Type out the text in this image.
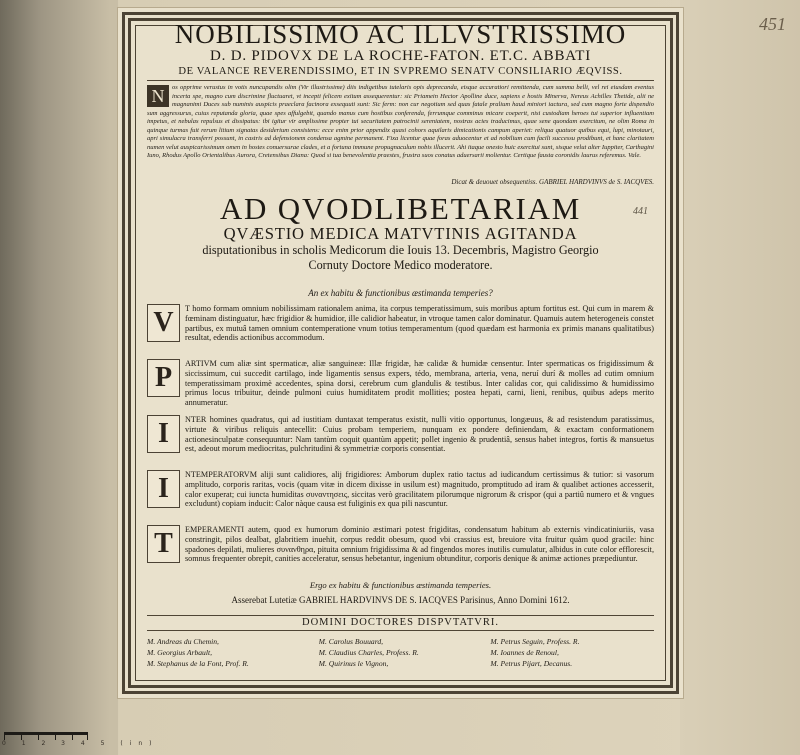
451

NOBILISSIMO AC ILLVSTRISSIMO

D. D. PIDOVX DE LA ROCHE-FATON. ET.C. ABBATI

DE VALANCE REVERENDISSIMO, ET IN SVPREMO SENATV CONSILIARIO ÆQVISS.

N	os opprime verustus in votis nuncupandis olim (Vir illustrissime) diis indigetibus tutelaris opis deprecanda, eisque accuratiori remittenda, cum summa belli, vel rei eiusdam eventus incerta spe, magno cum discrimine fluctuaret, vt incepti felicem exitum assequerentur: sic Priamein Hector Apolline duce, sapiens e hostis Minerva, Nereus Achilles Thetide, alii ne magnanimi Duces sub numinis auspicis praeclara facinora exsequuti sunt: Sic ferm: non cur negotium sed quas fatale pralium haud miniori iactura, sed cum magno forte dispendio sum aggressurus, cuius reputanda gloria, quae spes affulgebit, quando manus cum hostibus conferenda, ferrumque comminus micare coeperit, nisi custodiam heroes tui superior influentiam impetus, et nebulas repulsus et dissipatus: ibi igitur vir amplissime propter tui securitatem patrocinii sereniatem, nostras acies traducimus, quae sene quondam exercitum, ne olim Roma in quinque turmas fuit rerum litium signatas desiderium consistens: ecce enim prior appendix quasi cohors aquilaris dimicationis campum aperiet: reliqua quatuor quibus equi, lupi, minotauri, apri simulacra transferri possunt, in castris ad defensionem condensa agmine permanent. Fixa licentur quae foras aduocentur et ad nobilium cum facili successu prodibunt, et hanc claritatem numen velut auspicarissimum omen in hostes conuersurae clades, et a fortuna immune propugnaculum nobis illucerit. Ahi itaque onesto huic exercitui sunt, sisque velut alter Iuppiter, Carthagini Iuno, Rhodus Apollo Orientalibus Aurora, Cretensibus Diana: Quod si tua benevolentia praestes, frustra suos conatus aduersarii molientur. Certique fausta coronidis laurus referemus. Vale.

Dicat & deuouet obsequentiss. GABRIEL HARDVINVS de S. IACQVES.

AD QVODLIBETARIAM

QVÆSTIO MEDICA MATVTINIS AGITANDA

disputationibus in scholis Medicorum die Iouis 13. Decembris, Magistro Georgio

Cornuty Doctore Medico moderatore.

441

An ex habitu & functionibus æstimanda temperies?

V	T homo formam omnium nobilissimam rationalem anima, ita corpus temperatissimum, suis moribus aptum fortitus est. Qui cum in marem & fœminam distinguatur, hæc frigidior & humidior, ille calidior habeatur, in vtroque tamen calor dominatur. Quamuis autem heterogeneis constet partibus, ex mutuâ tamen omnium contemperatione vnum totius temperamentum (quod quædam est harmonia ex primis manans qualitatibus) resultat, edendis actionibus accommodum.
P	ARTIVM cum aliæ sint spermaticæ, aliæ sanguineæ: Illæ frigidæ, hæ calidæ & humidæ censentur. Inter spermaticas os frigidissimum & siccissimum, cui succedit cartilago, inde ligamentis sensus expers, tédo, membrana, arteria, vena, neruí durí & molles ad cutim omnium temperatissimam proximè accedentes, spina dorsi, cerebrum cum glandulis & testibus. Inter calidas cor, qui calidissimo & humidissimo primus locus tribuitur, deinde pulmoni cuius humiditatem prodit mollities; postea hepati, carni, lieni, renibus, quibus adeps merito annumeratur.
I	NTER homines quadratus, qui ad iustitiam duntaxat temperatus existit, nulli vitio opportunus, longæuus, & ad resistendum paratissimus, virtute & viribus reliquis antecellit: Cuius probam temperiem, nunquam ex pondere definiendam, & exactam conformationem actionesinculpatæ consequuntur: Nam tantùm coquit quantùm appetit; pollet ingenio & prudentiâ, sensus habet integros, fortis & mansuetus est, adeout morum mediocritas, pulchritudini & symmetriæ corporis consentiat.
I	NTEMPERATORVM aliji sunt calidiores, alij frigidiores: Amborum duplex ratio tactus ad iudicandum certissimus & tutior: si vasorum amplitudo, corporis raritas, vocis (quam vitæ in dicem dixisse in usilum est) magnitudo, promptitudo ad iram & qualibet actiones accesserit, calor exuperat; cui iuncta humiditas συναντησεις, siccitas verò gracilitatem pilorumque nigrorum & crispor (qui a partiû numero et & vngues excludunt) copiam inducit: Calor nàque causa est fuliginis ex qua pili nascuntur.
T	EMPERAMENTI autem, quod ex humorum dominio æstimari potest frigiditas, condensatum habitum ab externis vindicatiniuriis, vasa constringit, pilos dealbat, glabritiem inuehit, corpus reddit obesum, quod vbi crassius est, breuiore vita fruitur quàm quod gracile: hinc spadones depilati, mulieres συνανθηρα, pituita omnium frigidissima & ad fingendos mores inutilis cumulatur, albidus in cute color efflorescit, somnus frequenter obrepit, canities acceleratur, sensus hebetantur, ingenium obtunditur, corporis denique & animæ actiones præpediuntur.

Ergo ex habitu & functionibus æstimanda temperies.

Asserebat Lutetiæ GABRIEL HARDVINVS DE S. IACQVES Parisinus, Anno Domini 1612.

DOMINI DOCTORES DISPVTATVRI.

M. Andreas du Chemin,	M. Carolus Bouuard,	M. Petrus Seguin, Profess. R.
M. Georgius Arbault,	M. Claudius Charles, Profess. R.	M. Ioannes de Renoul,
M. Stephanus de la Font, Prof. R.	M. Quirinus le Vignon,	M. Petrus Pijart, Decanus.
0 1 2 3 4 5 (in)
